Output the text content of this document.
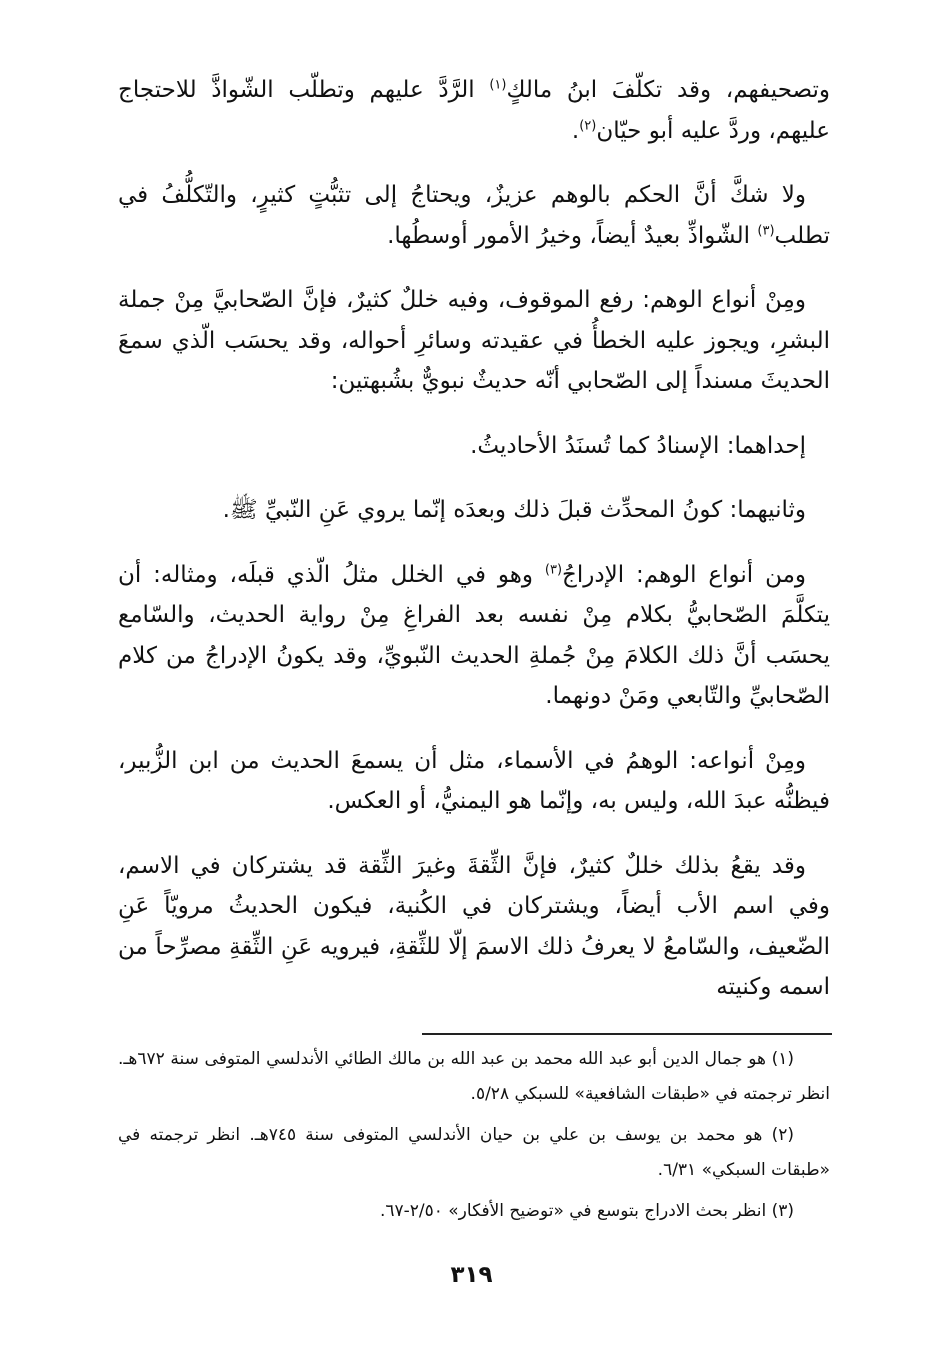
وتصحيفهم، وقد تكلّفَ ابنُ مالكٍ$^{(١)}$ الرَّدَّ عليهم وتطلّب الشّواذَّ للاحتجاج عليهم، وردَّ عليه أبو حيّان$^{(٢)}$.

ولا شكَّ أنَّ الحكم بالوهم عزيزٌ، ويحتاجُ إلى تثبُّتٍ كثيرٍ، والتّكلُّفُ في تطلب$^{(٣)}$ الشّواذِّ بعيدٌ أيضاً، وخيرُ الأمور أوسطُها.

ومِنْ أنواع الوهم: رفع الموقوف، وفيه خللٌ كثيرٌ، فإنَّ الصّحابيَّ مِنْ جملة البشرِ، ويجوز عليه الخطأُ في عقيدته وسائرِ أحواله، وقد يحسَب الّذي سمعَ الحديثَ مسنداً إلى الصّحابي أنّه حديثٌ نبويٌّ بشُبهتين:

إحداهما: الإسنادُ كما تُسنَدُ الأحاديثُ.

وثانيهما: كونُ المحدِّث قبلَ ذلك وبعدَه إنّما يروي عَنِ النّبيِّ ﷺ.

ومن أنواع الوهم: الإدراجُ$^{(٣)}$ وهو في الخلل مثلُ الّذي قبلَه، ومثاله: أن يتكلَّمَ الصّحابيُّ بكلام مِنْ نفسه بعد الفراغِ مِنْ رواية الحديث، والسّامع يحسَب أنَّ ذلك الكلامَ مِنْ جُملةِ الحديث النّبويِّ، وقد يكونُ الإدراجُ من كلام الصّحابيِّ والتّابعي ومَنْ دونهما.

ومِنْ أنواعه: الوهمُ في الأسماء، مثل أن يسمعَ الحديث من ابن الزُّبير، فيظنُّه عبدَ الله، وليس به، وإنّما هو اليمنيُّ، أو العكس.

وقد يقعُ بذلك خللٌ كثيرٌ، فإنَّ الثِّقةَ وغيرَ الثِّقة قد يشتركان في الاسم، وفي اسم الأب أيضاً، ويشتركان في الكُنية، فيكون الحديثُ مرويّاً عَنِ الضّعيف، والسّامعُ لا يعرفُ ذلك الاسمَ إلّا للثِّقةِ، فيرويه عَنِ الثِّقةِ مصرِّحاً من اسمه وكنيته

(١) هو جمال الدين أبو عبد الله محمد بن عبد الله بن مالك الطائي الأندلسي المتوفى سنة ٦٧٢هـ. انظر ترجمته في «طبقات الشافعية» للسبكي ٥/٢٨.

(٢) هو محمد بن يوسف بن علي بن حيان الأندلسي المتوفى سنة ٧٤٥هـ. انظر ترجمته في «طبقات السبكي» ٦/٣١.

(٣) انظر بحث الادراج بتوسع في «توضيح الأفكار» ٢/٥٠-٦٧.

٣١٩
